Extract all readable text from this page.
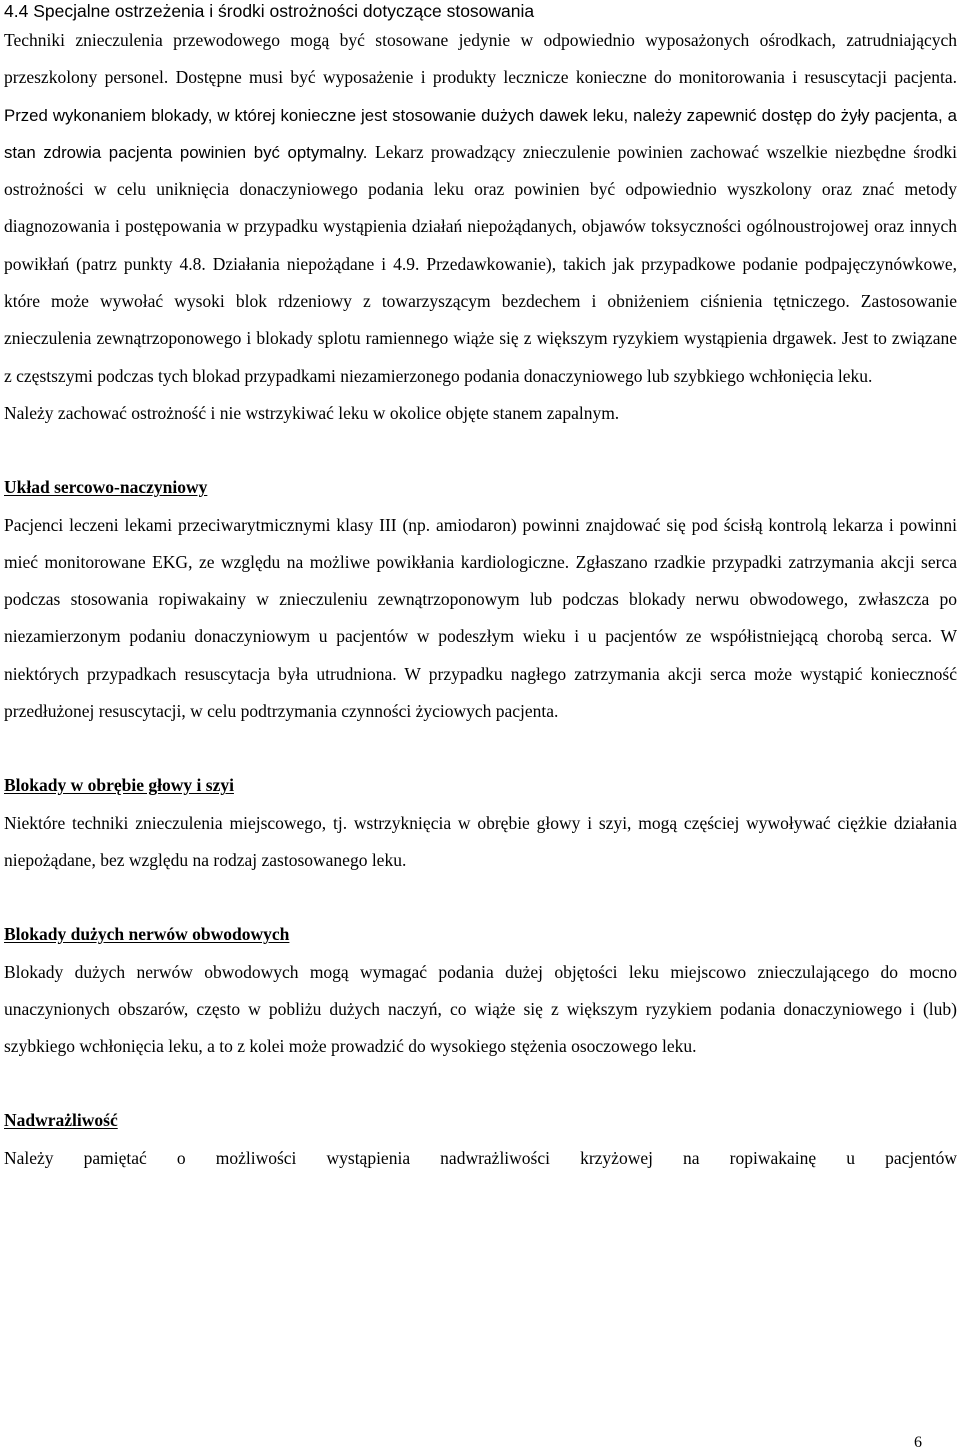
4.4 Specjalne ostrzeżenia i środki ostrożności dotyczące stosowania

Techniki znieczulenia przewodowego mogą być stosowane jedynie w odpowiednio wyposażonych ośrodkach, zatrudniających przeszkolony personel. Dostępne musi być wyposażenie i produkty lecznicze konieczne do monitorowania i resuscytacji pacjenta. Przed wykonaniem blokady, w której konieczne jest stosowanie dużych dawek leku, należy zapewnić dostęp do żyły pacjenta, a stan zdrowia pacjenta powinien być optymalny. Lekarz prowadzący znieczulenie powinien zachować wszelkie niezbędne środki ostrożności w celu uniknięcia donaczyniowego podania leku oraz powinien być odpowiednio wyszkolony oraz znać metody diagnozowania i postępowania w przypadku wystąpienia działań niepożądanych, objawów toksyczności ogólnoustrojowej oraz innych powikłań (patrz punkty 4.8. Działania niepożądane i 4.9. Przedawkowanie), takich jak przypadkowe podanie podpajęczynówkowe, które może wywołać wysoki blok rdzeniowy z towarzyszącym bezdechem i obniżeniem ciśnienia tętniczego. Zastosowanie znieczulenia zewnątrzoponowego i blokady splotu ramiennego wiąże się z większym ryzykiem wystąpienia drgawek. Jest to związane z częstszymi podczas tych blokad przypadkami niezamierzonego podania donaczyniowego lub szybkiego wchłonięcia leku.

Należy zachować ostrożność i nie wstrzykiwać leku w okolice objęte stanem zapalnym.

Układ sercowo-naczyniowy

Pacjenci leczeni lekami przeciwarytmicznymi klasy III (np. amiodaron) powinni znajdować się pod ścisłą kontrolą lekarza i powinni mieć monitorowane EKG, ze względu na możliwe powikłania kardiologiczne. Zgłaszano rzadkie przypadki zatrzymania akcji serca podczas stosowania ropiwakainy w znieczuleniu zewnątrzoponowym lub podczas blokady nerwu obwodowego, zwłaszcza po niezamierzonym podaniu donaczyniowym u pacjentów w podeszłym wieku i u pacjentów ze współistniejącą chorobą serca. W niektórych przypadkach resuscytacja była utrudniona. W przypadku nagłego zatrzymania akcji serca może wystąpić konieczność przedłużonej resuscytacji, w celu podtrzymania czynności życiowych pacjenta.

Blokady w obrębie głowy i szyi

Niektóre techniki znieczulenia miejscowego, tj. wstrzyknięcia w obrębie głowy i szyi, mogą częściej wywoływać ciężkie działania niepożądane, bez względu na rodzaj zastosowanego leku.

Blokady dużych nerwów obwodowych

Blokady dużych nerwów obwodowych mogą wymagać podania dużej objętości leku miejscowo znieczulającego do mocno unaczynionych obszarów, często w pobliżu dużych naczyń, co wiąże się z większym ryzykiem podania donaczyniowego i (lub) szybkiego wchłonięcia leku, a to z kolei może prowadzić do wysokiego stężenia osoczowego leku.

Nadwrażliwość

Należy pamiętać o możliwości wystąpienia nadwrażliwości krzyżowej na ropiwakainę u pacjentów

6
